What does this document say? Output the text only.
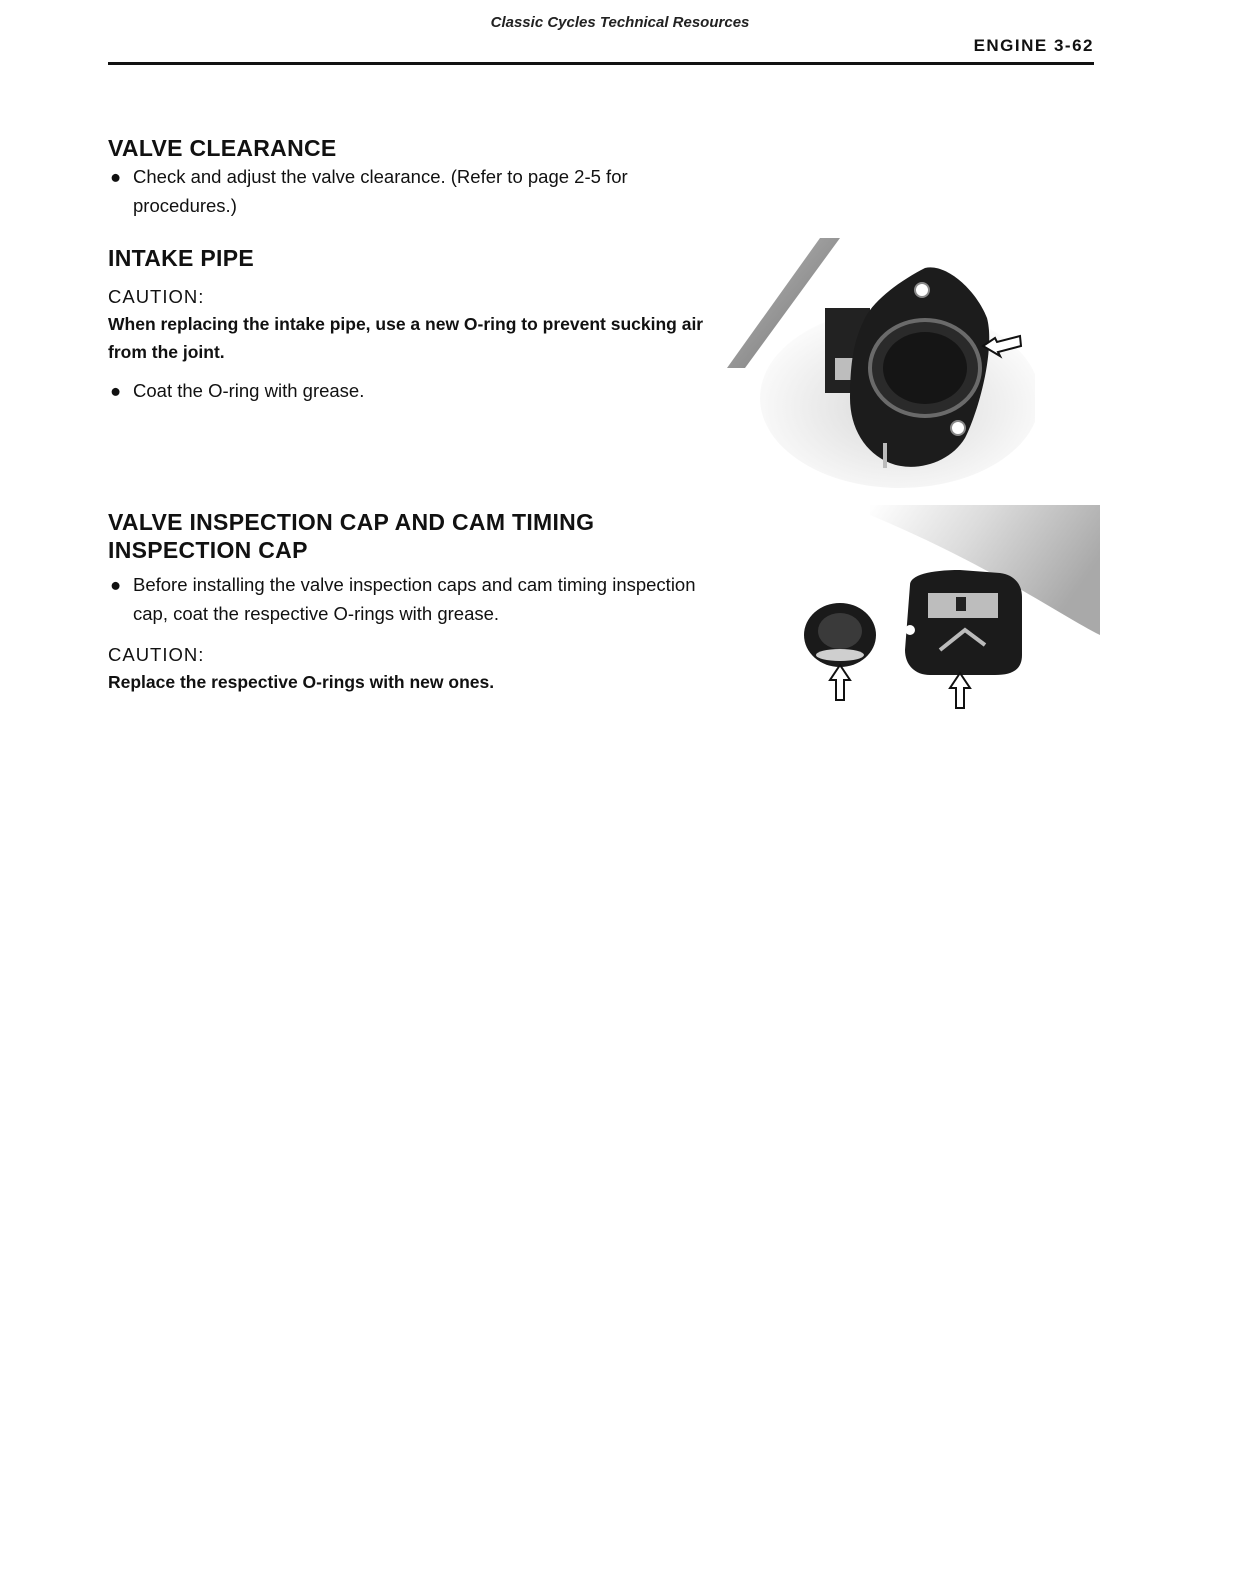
Classic Cycles Technical Resources
ENGINE 3-62
VALVE CLEARANCE
● Check and adjust the valve clearance. (Refer to page 2-5 for procedures.)
INTAKE PIPE
CAUTION:
When replacing the intake pipe, use a new O-ring to prevent sucking air from the joint.
● Coat the O-ring with grease.
VALVE INSPECTION CAP AND CAM TIMING INSPECTION CAP
● Before installing the valve inspection caps and cam timing inspection cap, coat the respective O-rings with grease.
CAUTION:
Replace the respective O-rings with new ones.
